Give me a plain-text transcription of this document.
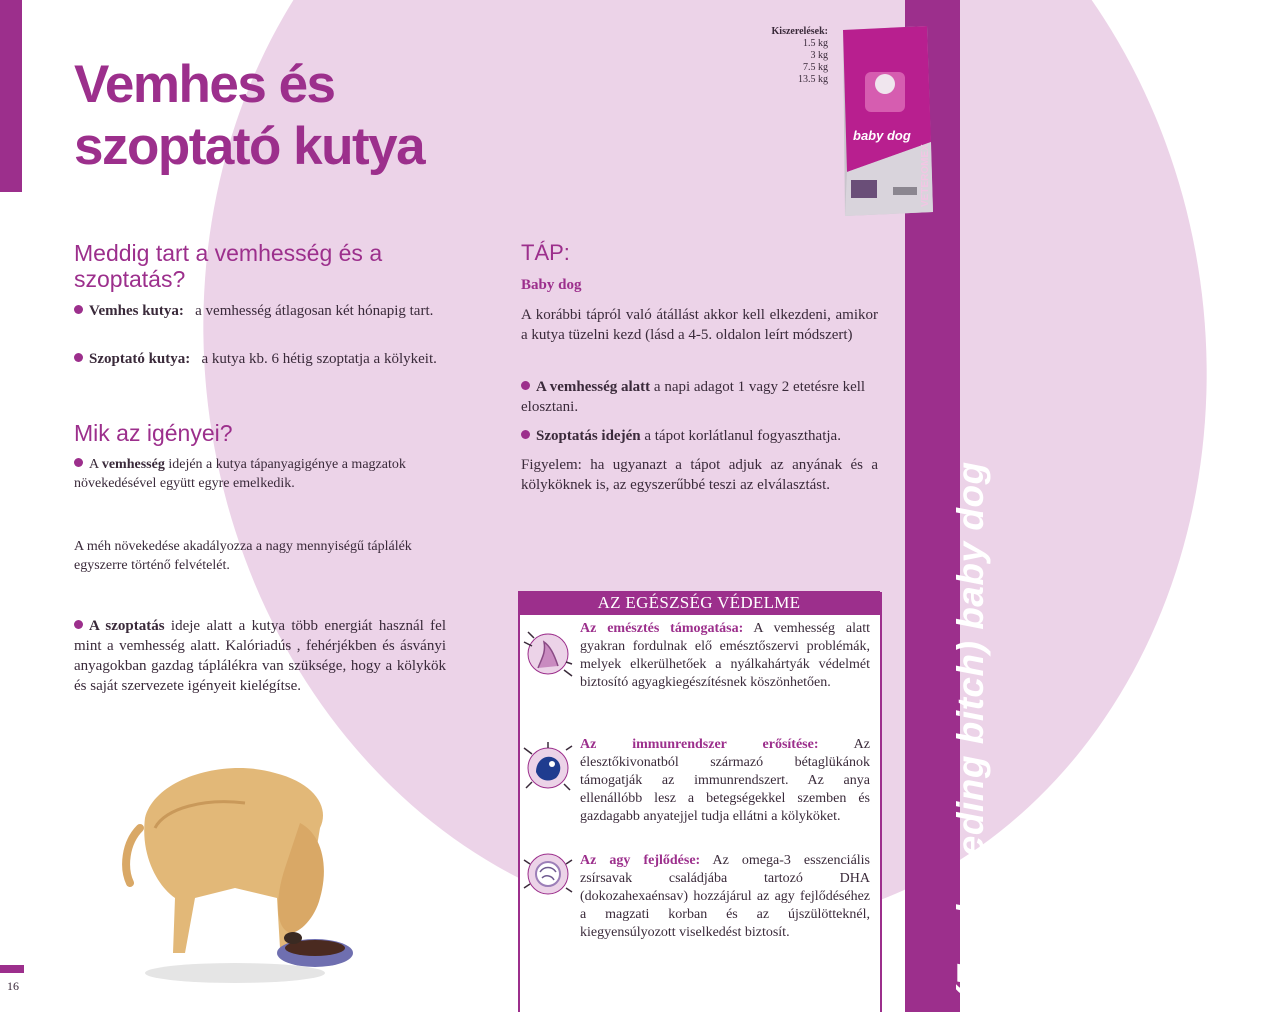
(For breeding bitch) baby dog
16
Vemhes és
szoptató kutya
Meddig tart a vemhesség és a szoptatás?

Vemhes kutya: a vemhesség átlagosan két hónapig tart.

Szoptató kutya: a kutya kb. 6 hétig szoptatja a kölykeit.

Mik az igényei?

A vemhesség idején a kutya tápanyagigénye a magzatok növekedésével együtt egyre emelkedik.

A méh növekedése akadályozza a nagy mennyiségű táplálék egyszerre történő felvételét.

A szoptatás ideje alatt a kutya több energiát használ fel mint a vemhesség alatt. Kalóriadús , fehérjékben és ásványi anyagokban gazdag táplálékra van szüksége, hogy a kölykök és saját szervezete igényeit kielégítse.

TÁP:

Baby dog

A korábbi tápról való átállást akkor kell elkezdeni, amikor a kutya tüzelni kezd (lásd a 4-5. oldalon leírt módszert)

A vemhesség alatt a napi adagot 1 vagy 2 etetésre kell elosztani.

Szoptatás idején a tápot korlátlanul fogyaszthatja.

Figyelem: ha ugyanazt a tápot adjuk az anyának és a kölyköknek is, az egyszerűbbé teszi az elválasztást.

Kiszerelések:
1.5 kg
3 kg
7.5 kg
13.5 kg
baby dog
VETEROMEX
AZ EGÉSZSÉG VÉDELME

Az emésztés támogatása: A vemhesség alatt gyakran fordulnak elő emésztőszervi problémák, melyek elkerülhetőek a nyálkahártyák védelmét biztosító agyagkiegészítésnek köszönhetően.

Az immunrendszer erősítése:	Az élesztőkivonatból származó bétaglükánok támogatják az immunrendszert. Az anya ellenállóbb lesz a betegségekkel szemben és gazdagabb anyatejjel tudja ellátni a kölyköket.

Az agy fejlődése: Az omega-3 esszenciális zsírsavak családjába tartozó DHA (dokozahexaénsav) hozzájárul az agy fejlődéséhez a magzati korban és az újszülötteknél, kiegyensúlyozott viselkedést biztosít.
